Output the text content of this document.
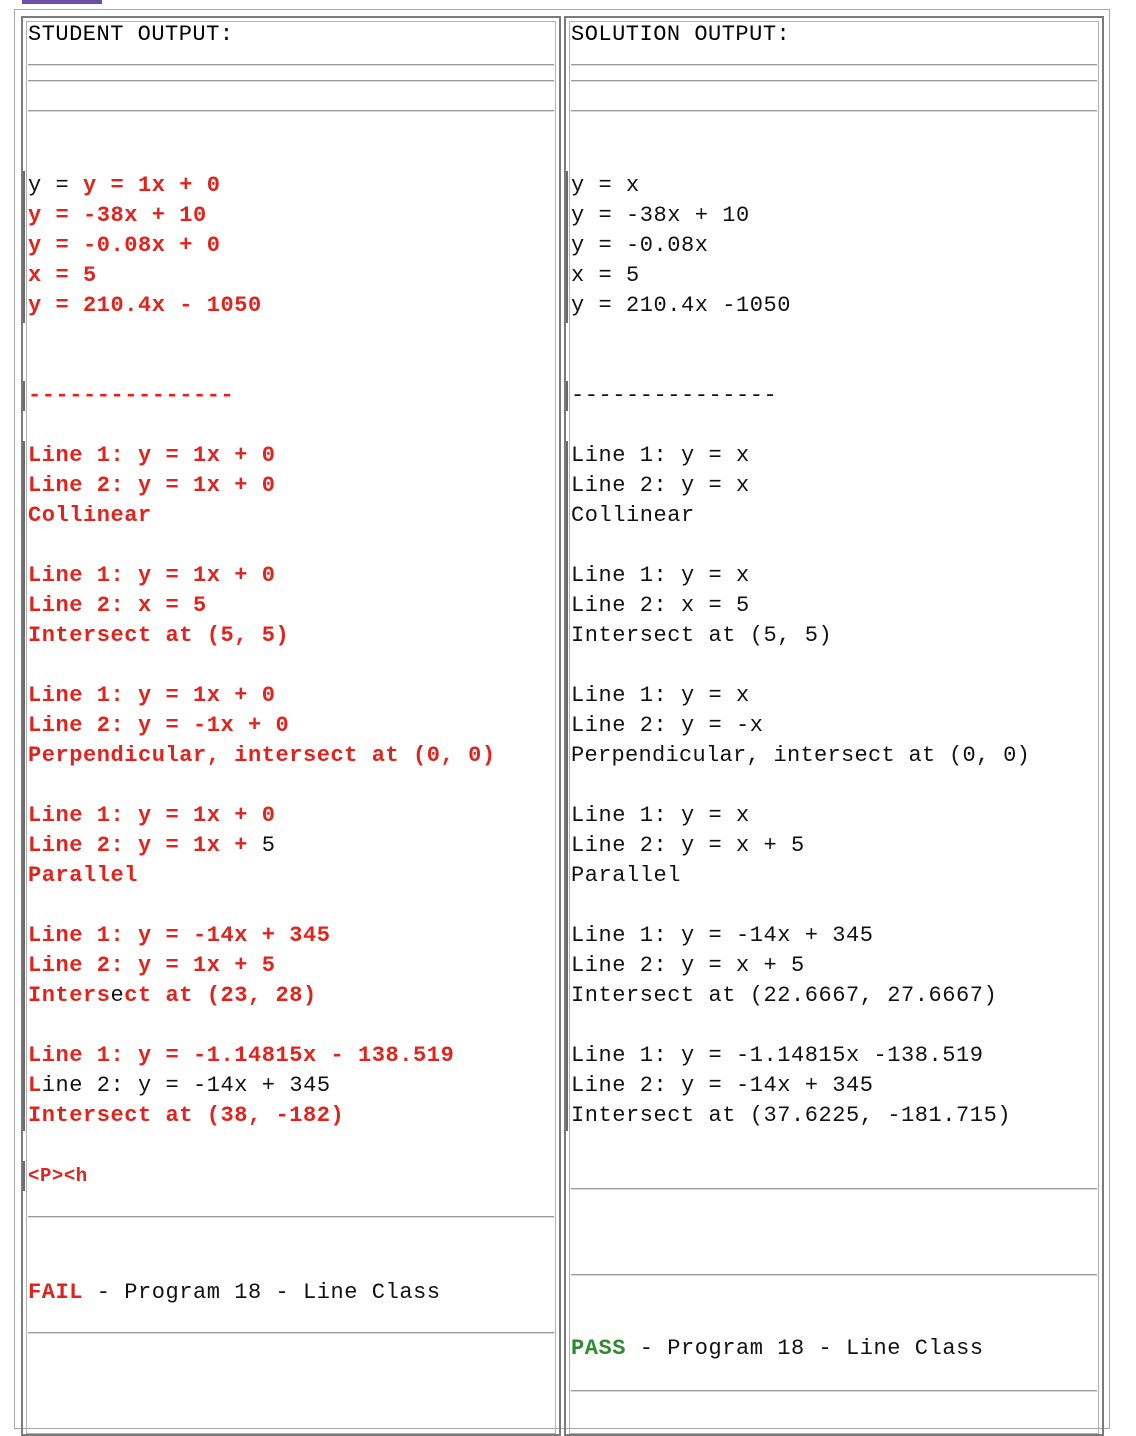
STUDENT OUTPUT:
y = y = 1x + 0
y = -38x + 10
y = -0.08x + 0
x = 5
y = 210.4x - 1050
---------------
Line 1: y = 1x + 0
Line 2: y = 1x + 0
Collinear
Line 1: y = 1x + 0
Line 2: x = 5
Intersect at (5, 5)
Line 1: y = 1x + 0
Line 2: y = -1x + 0
Perpendicular, intersect at (0, 0)
Line 1: y = 1x + 0
Line 2: y = 1x + 5
Parallel
Line 1: y = -14x + 345
Line 2: y = 1x + 5
Intersect at (23, 28)
Line 1: y = -1.14815x - 138.519
Line 2: y = -14x + 345
Intersect at (38, -182)
<P><h
FAIL - Program 18 - Line Class
SOLUTION OUTPUT:
y = x
y = -38x + 10
y = -0.08x
x = 5
y = 210.4x -1050
---------------
Line 1: y = x
Line 2: y = x
Collinear
Line 1: y = x
Line 2: x = 5
Intersect at (5, 5)
Line 1: y = x
Line 2: y = -x
Perpendicular, intersect at (0, 0)
Line 1: y = x
Line 2: y = x + 5
Parallel
Line 1: y = -14x + 345
Line 2: y = x + 5
Intersect at (22.6667, 27.6667)
Line 1: y = -1.14815x -138.519
Line 2: y = -14x + 345
Intersect at (37.6225, -181.715)
PASS - Program 18 - Line Class
